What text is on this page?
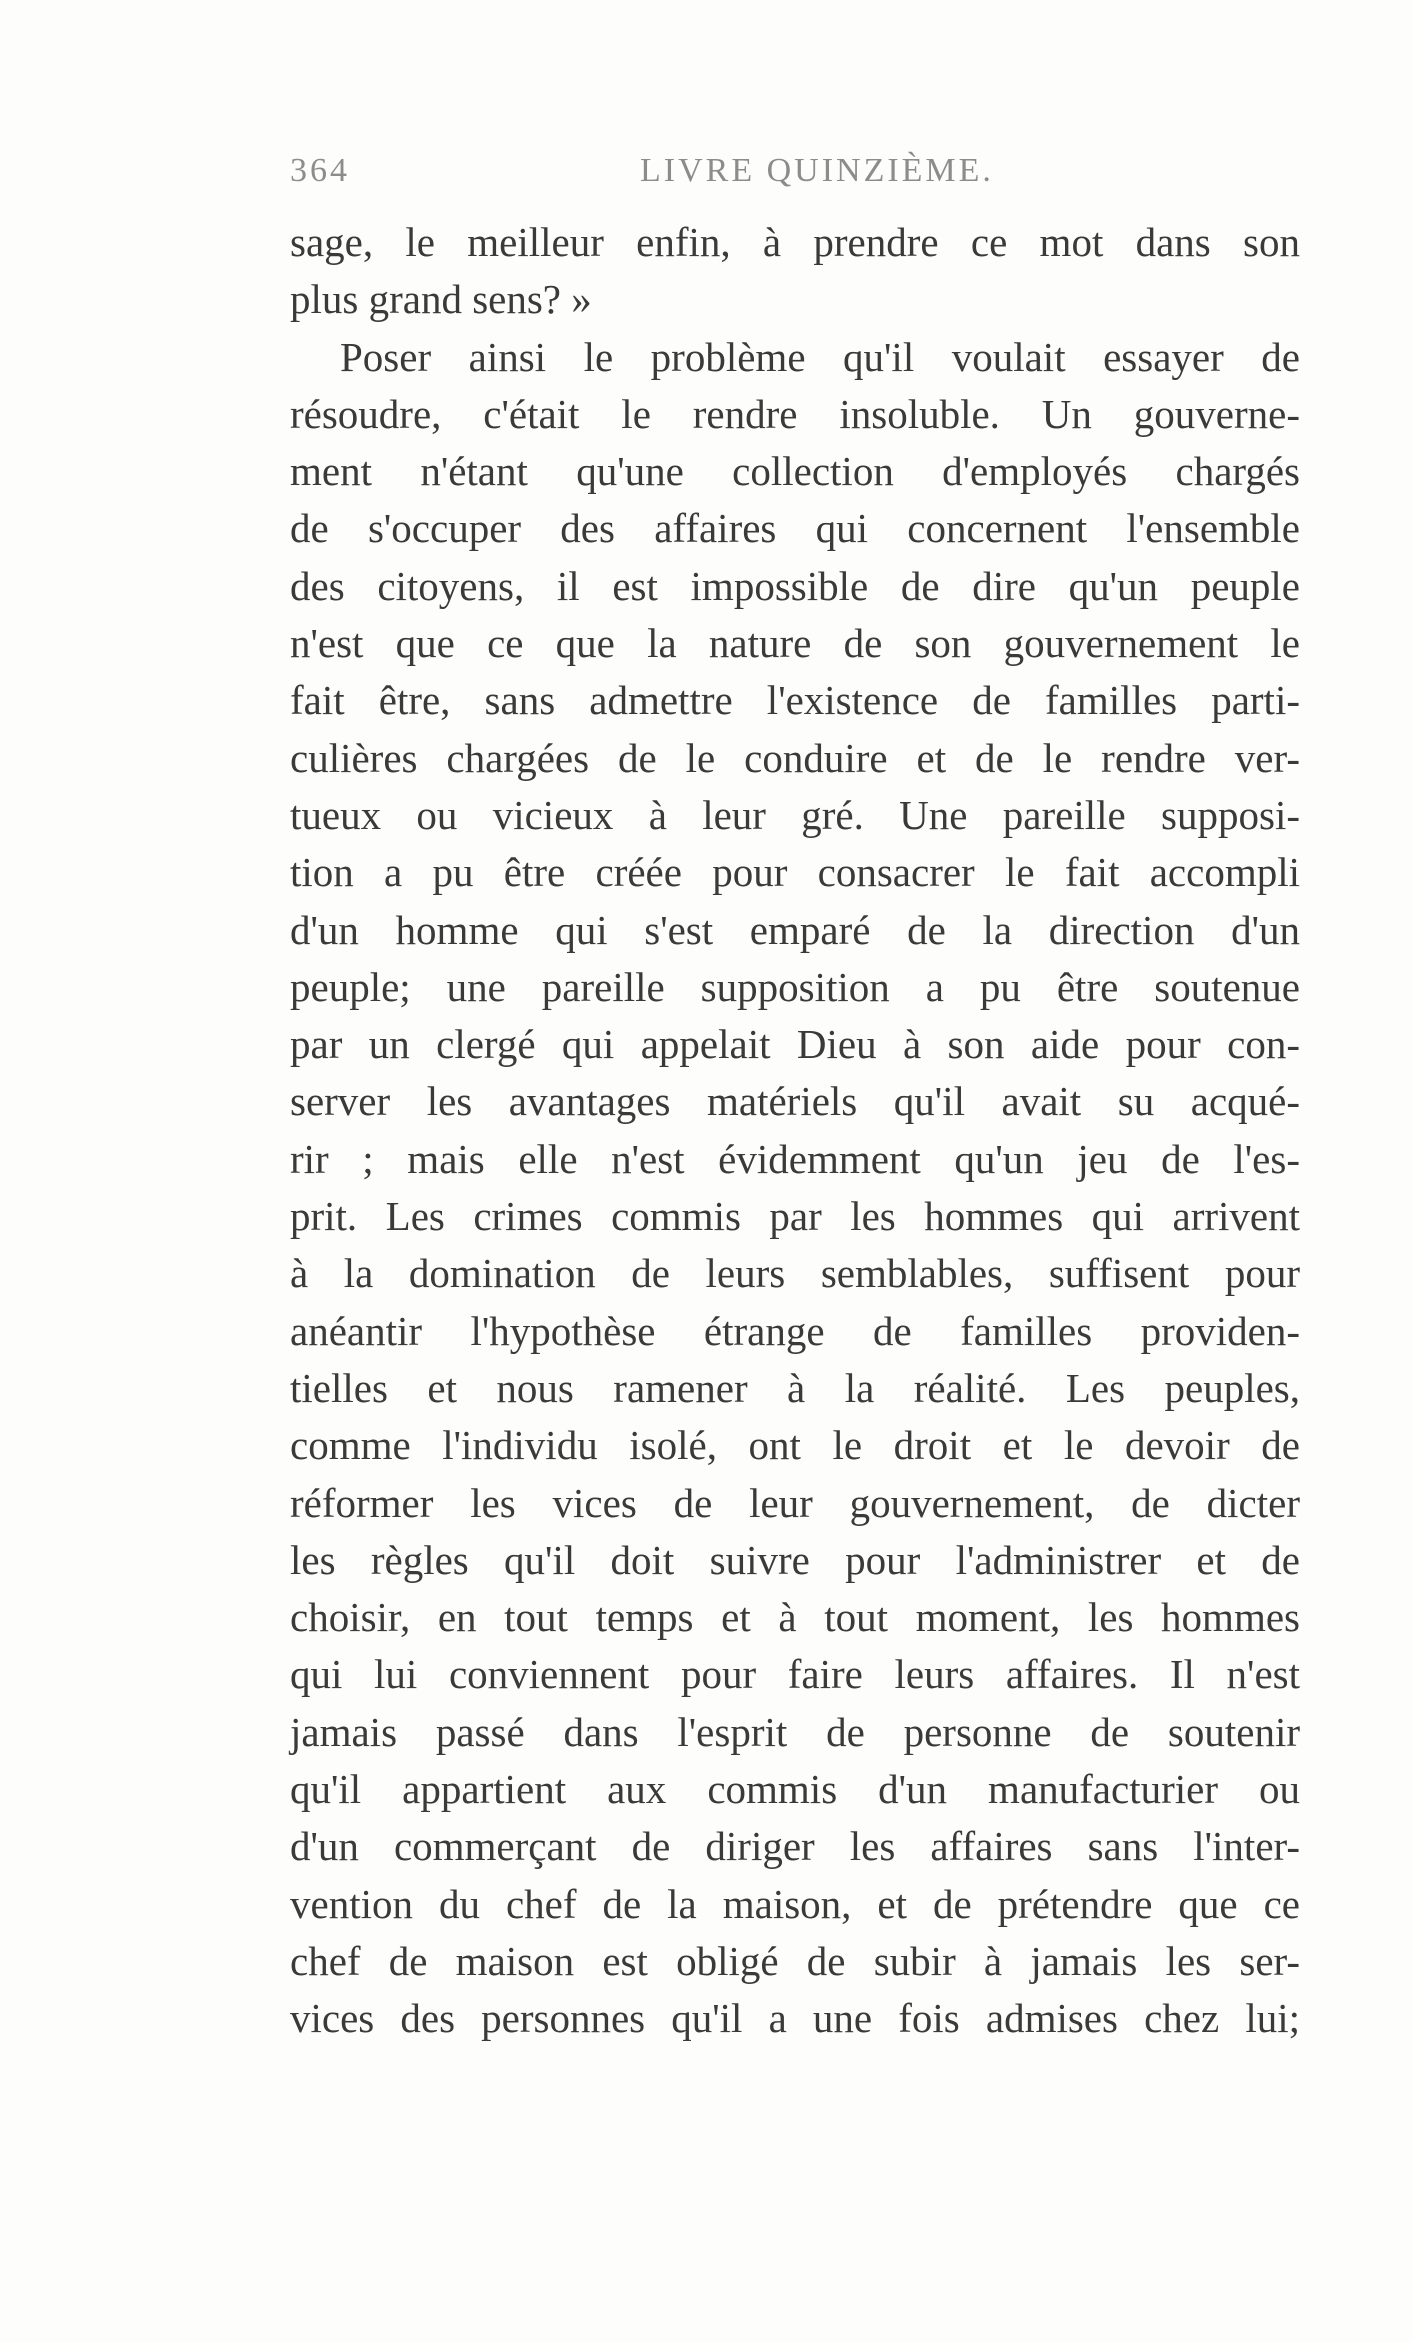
364	LIVRE QUINZIÈME.
sage, le meilleur enfin, à prendre ce mot dans son
plus grand sens? »
Poser ainsi le problème qu'il voulait essayer de
résoudre, c'était le rendre insoluble. Un gouverne-
ment n'étant qu'une collection d'employés chargés
de s'occuper des affaires qui concernent l'ensemble
des citoyens, il est impossible de dire qu'un peuple
n'est que ce que la nature de son gouvernement le
fait être, sans admettre l'existence de familles parti-
culières chargées de le conduire et de le rendre ver-
tueux ou vicieux à leur gré. Une pareille supposi-
tion a pu être créée pour consacrer le fait accompli
d'un homme qui s'est emparé de la direction d'un
peuple; une pareille supposition a pu être soutenue
par un clergé qui appelait Dieu à son aide pour con-
server les avantages matériels qu'il avait su acqué-
rir ; mais elle n'est évidemment qu'un jeu de l'es-
prit. Les crimes commis par les hommes qui arrivent
à la domination de leurs semblables, suffisent pour
anéantir l'hypothèse étrange de familles providen-
tielles et nous ramener à la réalité. Les peuples,
comme l'individu isolé, ont le droit et le devoir de
réformer les vices de leur gouvernement, de dicter
les règles qu'il doit suivre pour l'administrer et de
choisir, en tout temps et à tout moment, les hommes
qui lui conviennent pour faire leurs affaires. Il n'est
jamais passé dans l'esprit de personne de soutenir
qu'il appartient aux commis d'un manufacturier ou
d'un commerçant de diriger les affaires sans l'inter-
vention du chef de la maison, et de prétendre que ce
chef de maison est obligé de subir à jamais les ser-
vices des personnes qu'il a une fois admises chez lui;
